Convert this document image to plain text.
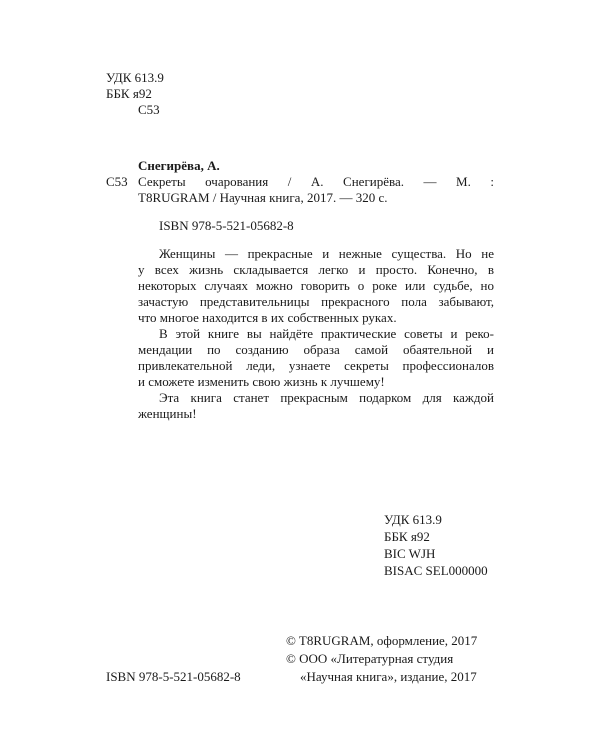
УДК 613.9
ББК я92
С53
С53
Снегирёва, А.
Секреты очарования / А. Снегирёва. — М. :
T8RUGRAM / Научная книга, 2017. — 320 с.
ISBN 978-5-521-05682-8
Женщины — прекрасные и нежные существа. Но не
у всех жизнь складывается легко и просто. Конечно, в
некоторых случаях можно говорить о роке или судьбе, но
зачастую представительницы прекрасного пола забывают,
что многое находится в их собственных руках.
В этой книге вы найдёте практические советы и реко-
мендации по созданию образа самой обаятельной и
привлекательной леди, узнаете секреты профессионалов
и сможете изменить свою жизнь к лучшему!
Эта книга станет прекрасным подарком для каждой
женщины!
УДК 613.9
ББК я92
BIC WJH
BISAC SEL000000
© T8RUGRAM, оформление, 2017
© ООО «Литературная студия
«Научная книга», издание, 2017
ISBN 978-5-521-05682-8
